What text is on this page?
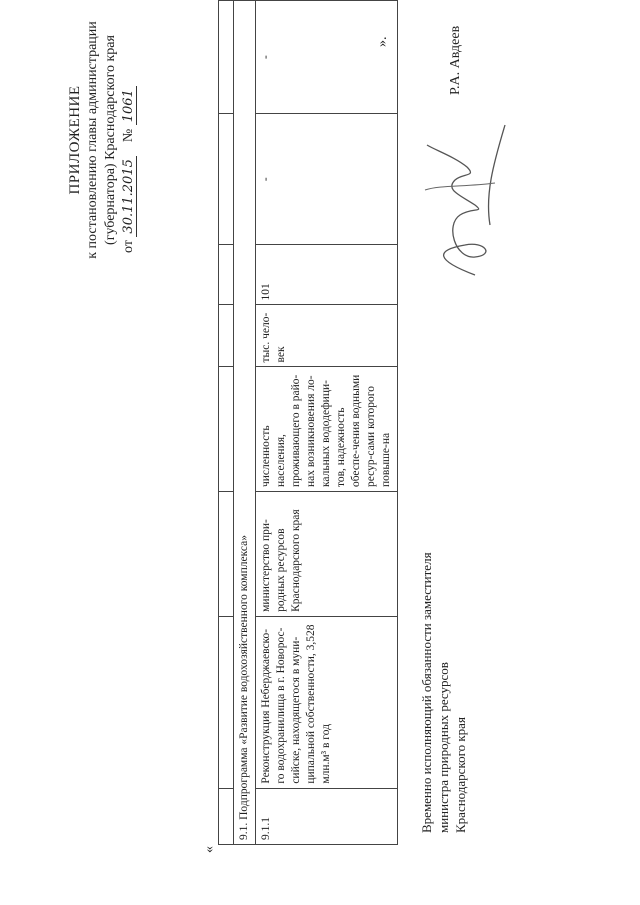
ПРИЛОЖЕНИЕ к постановлению главы администрации (губернатора) Краснодарского края
от 30.11.2015    № 1061
«

9.1. Подпрограмма «Развитие водохозяйственного комплекса»							
9.1.1	Реконструкция Неберджаевско-го водохранилища в г. Новорос-сийске, находящегося в муни-ципальной собственности, 3,528 млн.м³ в год	министерство при-родных ресурсов Краснодарского края	численность населения, проживающего в райо-нах возникновения ло-кальных вододефици-тов, надежность обеспе-чения водными ресур-сами которого повыше-на	тыс. чело-век	101	-	-
».
Временно исполняющий обязанности заместителя министра природных ресурсов Краснодарского края
Р.А. Авдеев
